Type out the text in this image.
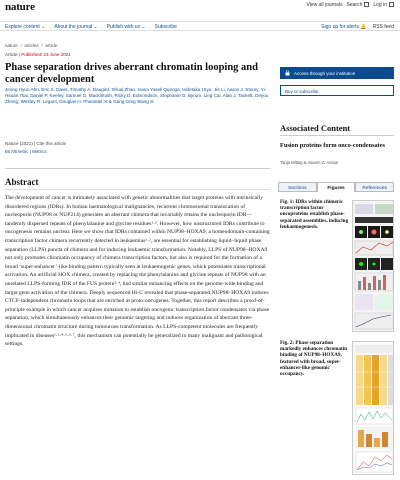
nature	View all journals Search	Log in
Explore content ⌄ About the journal ⌄ Publish with us ⌄ Subscribe	Sign up for alerts 🔔 RSS feed
nature > articles > article
Article | Published: 23 June 2021
Phase separation drives aberrant chromatin looping and cancer development
Jeong Hyun Ahn, Eric S. Davis, Timothy A. Daugird, Shuai Zhao, Ivana Yoseli Quiroga, Hidetaka Uryu, Jie Li, Aaron J. Storey, Yi-Hsuan Tsai, Daniel P. Keeley, Samuel G. Mackintosh, Ricky D. Edmondson, Stephanie D. Byrum, Ling Cai, Alan J. Tackett, Deyou Zheng, Wesley R. Legant, Douglas H. Phanstiel ✉ & Gang Greg Wang ✉
Nature (2021) | Cite this article
55 Altmetric | Metrics
Abstract

The development of cancer is intimately associated with genetic abnormalities that target proteins with intrinsically disordered regions (IDRs). In human haematological malignancies, recurrent chromosomal translocation of nucleoporin (NUP98 or NUP214) generates an aberrant chimera that invariably retains the nucleoporin IDR—tandemly dispersed repeats of phenylalanine and glycine residues¹·². However, how unstructured IDRs contribute to oncogenesis remains unclear. Here we show that IDRs contained within NUP98–HOXA9, a homeodomain-containing transcription factor chimera recurrently detected in leukaemias¹·², are essential for establishing liquid–liquid phase separation (LLPS) puncta of chimera and for inducing leukaemic transformation. Notably, LLPS of NUP98–HOXA9 not only promotes chromatin occupancy of chimera transcription factors, but also is required for the formation of a broad ‘super-enhancer’-like binding pattern typically seen at leukaemogenic genes, which potentiates transcriptional activation. An artificial HOX chimera, created by replacing the phenylalanine and glycine repeats of NUP98 with an unrelated LLPS-forming IDR of the FUS protein³·⁴, had similar enhancing effects on the genome-wide binding and target gene activation of the chimera. Deeply sequenced Hi-C revealed that phase-separated NUP98–HOXA9 induces CTCF-independent chromatin loops that are enriched at proto-oncogenes. Together, this report describes a proof-of-principle example in which cancer acquires mutation to establish oncogenic transcription factor condensates via phase separation, which simultaneously enhances their genomic targeting and induces organization of aberrant three-dimensional chromatin structure during tumourous transformation. As LLPS-competent molecules are frequently implicated in diseases¹·²·⁴·⁵·⁶·⁷, this mechanism can potentially be generalized to many malignant and pathological settings.

Access through your institution
Buy or subscribe
Associated Content
Fusion proteins form onco-condensates
Tanja Mittag & Aseem Z. Ansari
Sections	Figures	References
Fig. 1: IDRs within chimeric transcription factor oncoproteins establish phase-separated assemblies, inducing leukaemogenesis.
Fig. 2: Phase separation markedly enhances chromatin binding of NUP98–HOXA9, featured with broad, super-enhancer-like genomic occupancy.
